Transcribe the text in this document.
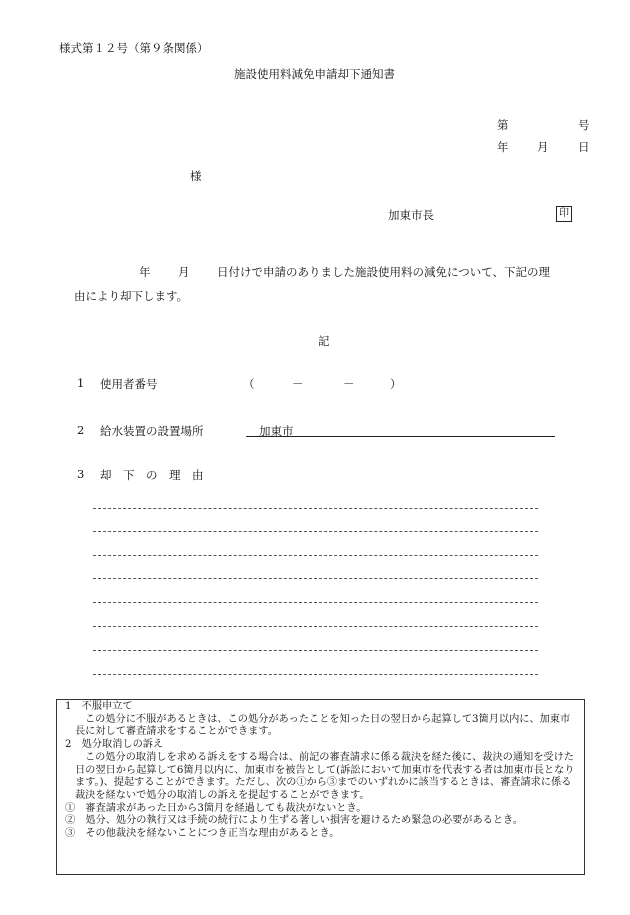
様式第１２号（第９条関係）
施設使用料減免申請却下通知書
第	号
年 月	日
様
加東市長	印
年 月 日付けで申請のありました施設使用料の減免について、下記の理
由により却下します。
記
1 使用者番号	（	－	－	）
2 給水装置の設置場所	加東市
3 却　下　の　理　由

1　不服申立て

この処分に不服があるときは、この処分があったことを知った日の翌日から起算して3箇月以内に、加東市長に対して審査請求をすることができます。

2　処分取消しの訴え

この処分の取消しを求める訴えをする場合は、前記の審査請求に係る裁決を経た後に、裁決の通知を受けた日の翌日から起算して6箇月以内に、加東市を被告として(訴訟において加東市を代表する者は加東市長となります。)、提起することができます。ただし、次の①から③までのいずれかに該当するときは、審査請求に係る裁決を経ないで処分の取消しの訴えを提起することができます。

①　審査請求があった日から3箇月を経過しても裁決がないとき。

②　処分、処分の執行又は手続の続行により生ずる著しい損害を避けるため緊急の必要があるとき。

③　その他裁決を経ないことにつき正当な理由があるとき。
